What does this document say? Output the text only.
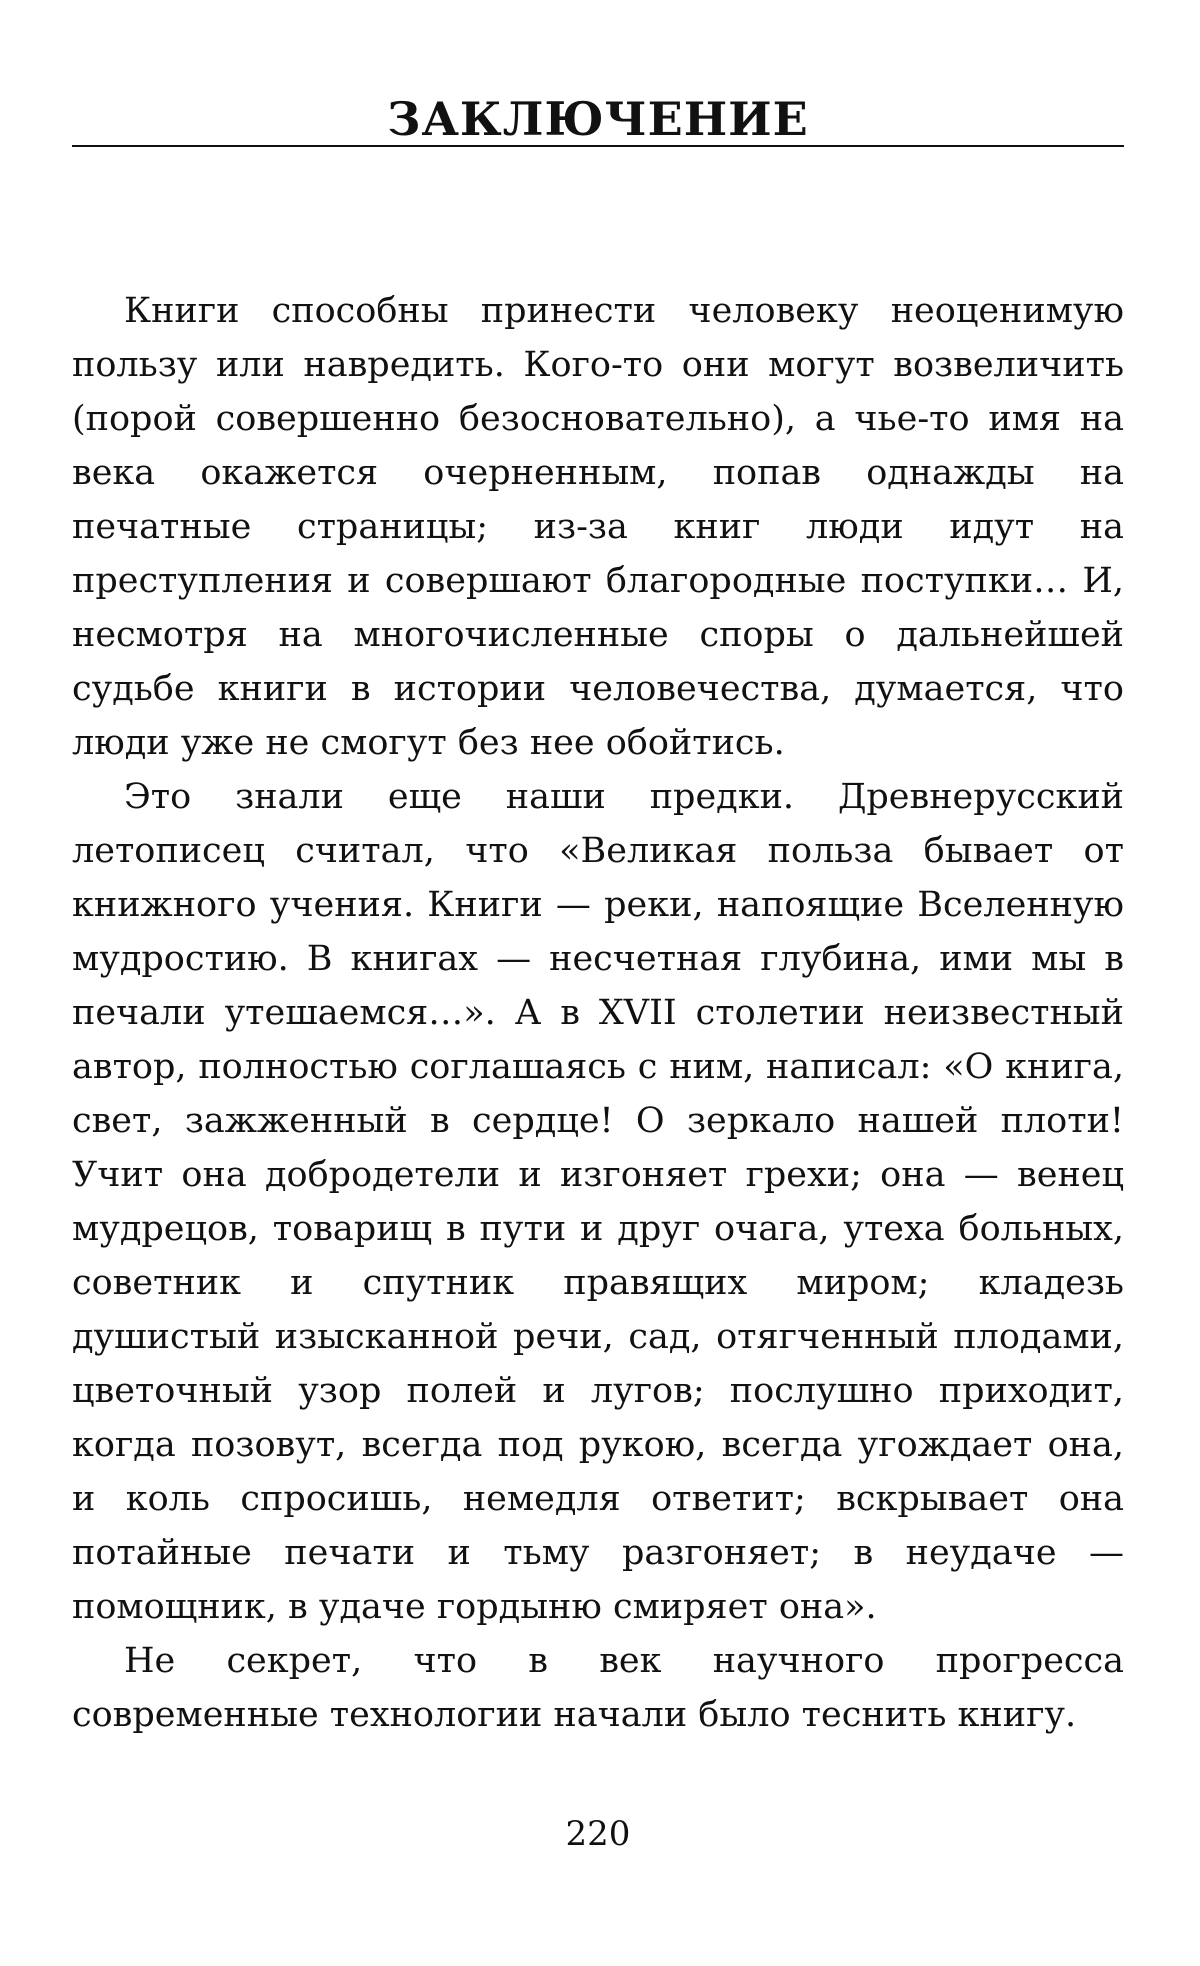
ЗАКЛЮЧЕНИЕ

Книги способны принести человеку неоценимую пользу или навредить. Кого-то они могут возвеличить (порой совершенно безосновательно), а чье-то имя на века окажется очерненным, попав однажды на печатные страницы; из-за книг люди идут на преступления и совершают благородные поступки… И, несмотря на многочисленные споры о дальнейшей судьбе книги в истории человечества, думается, что люди уже не смогут без нее обойтись.

Это знали еще наши предки. Древнерусский летописец считал, что «Великая польза бывает от книжного учения. Книги — реки, напоящие Вселенную мудростию. В книгах — несчетная глубина, ими мы в печали утешаемся…». А в XVII столетии неизвестный автор, полностью соглашаясь с ним, написал: «О книга, свет, зажженный в сердце! О зеркало нашей плоти! Учит она добродетели и изгоняет грехи; она — венец мудрецов, товарищ в пути и друг очага, утеха больных, советник и спутник правящих миром; кладезь душистый изысканной речи, сад, отягченный плодами, цветочный узор полей и лугов; послушно приходит, когда позовут, всегда под рукою, всегда угождает она, и коль спросишь, немедля ответит; вскрывает она потайные печати и тьму разгоняет; в неудаче — помощник, в удаче гордыню смиряет она».

Не секрет, что в век научного прогресса современные технологии начали было теснить книгу.

220
